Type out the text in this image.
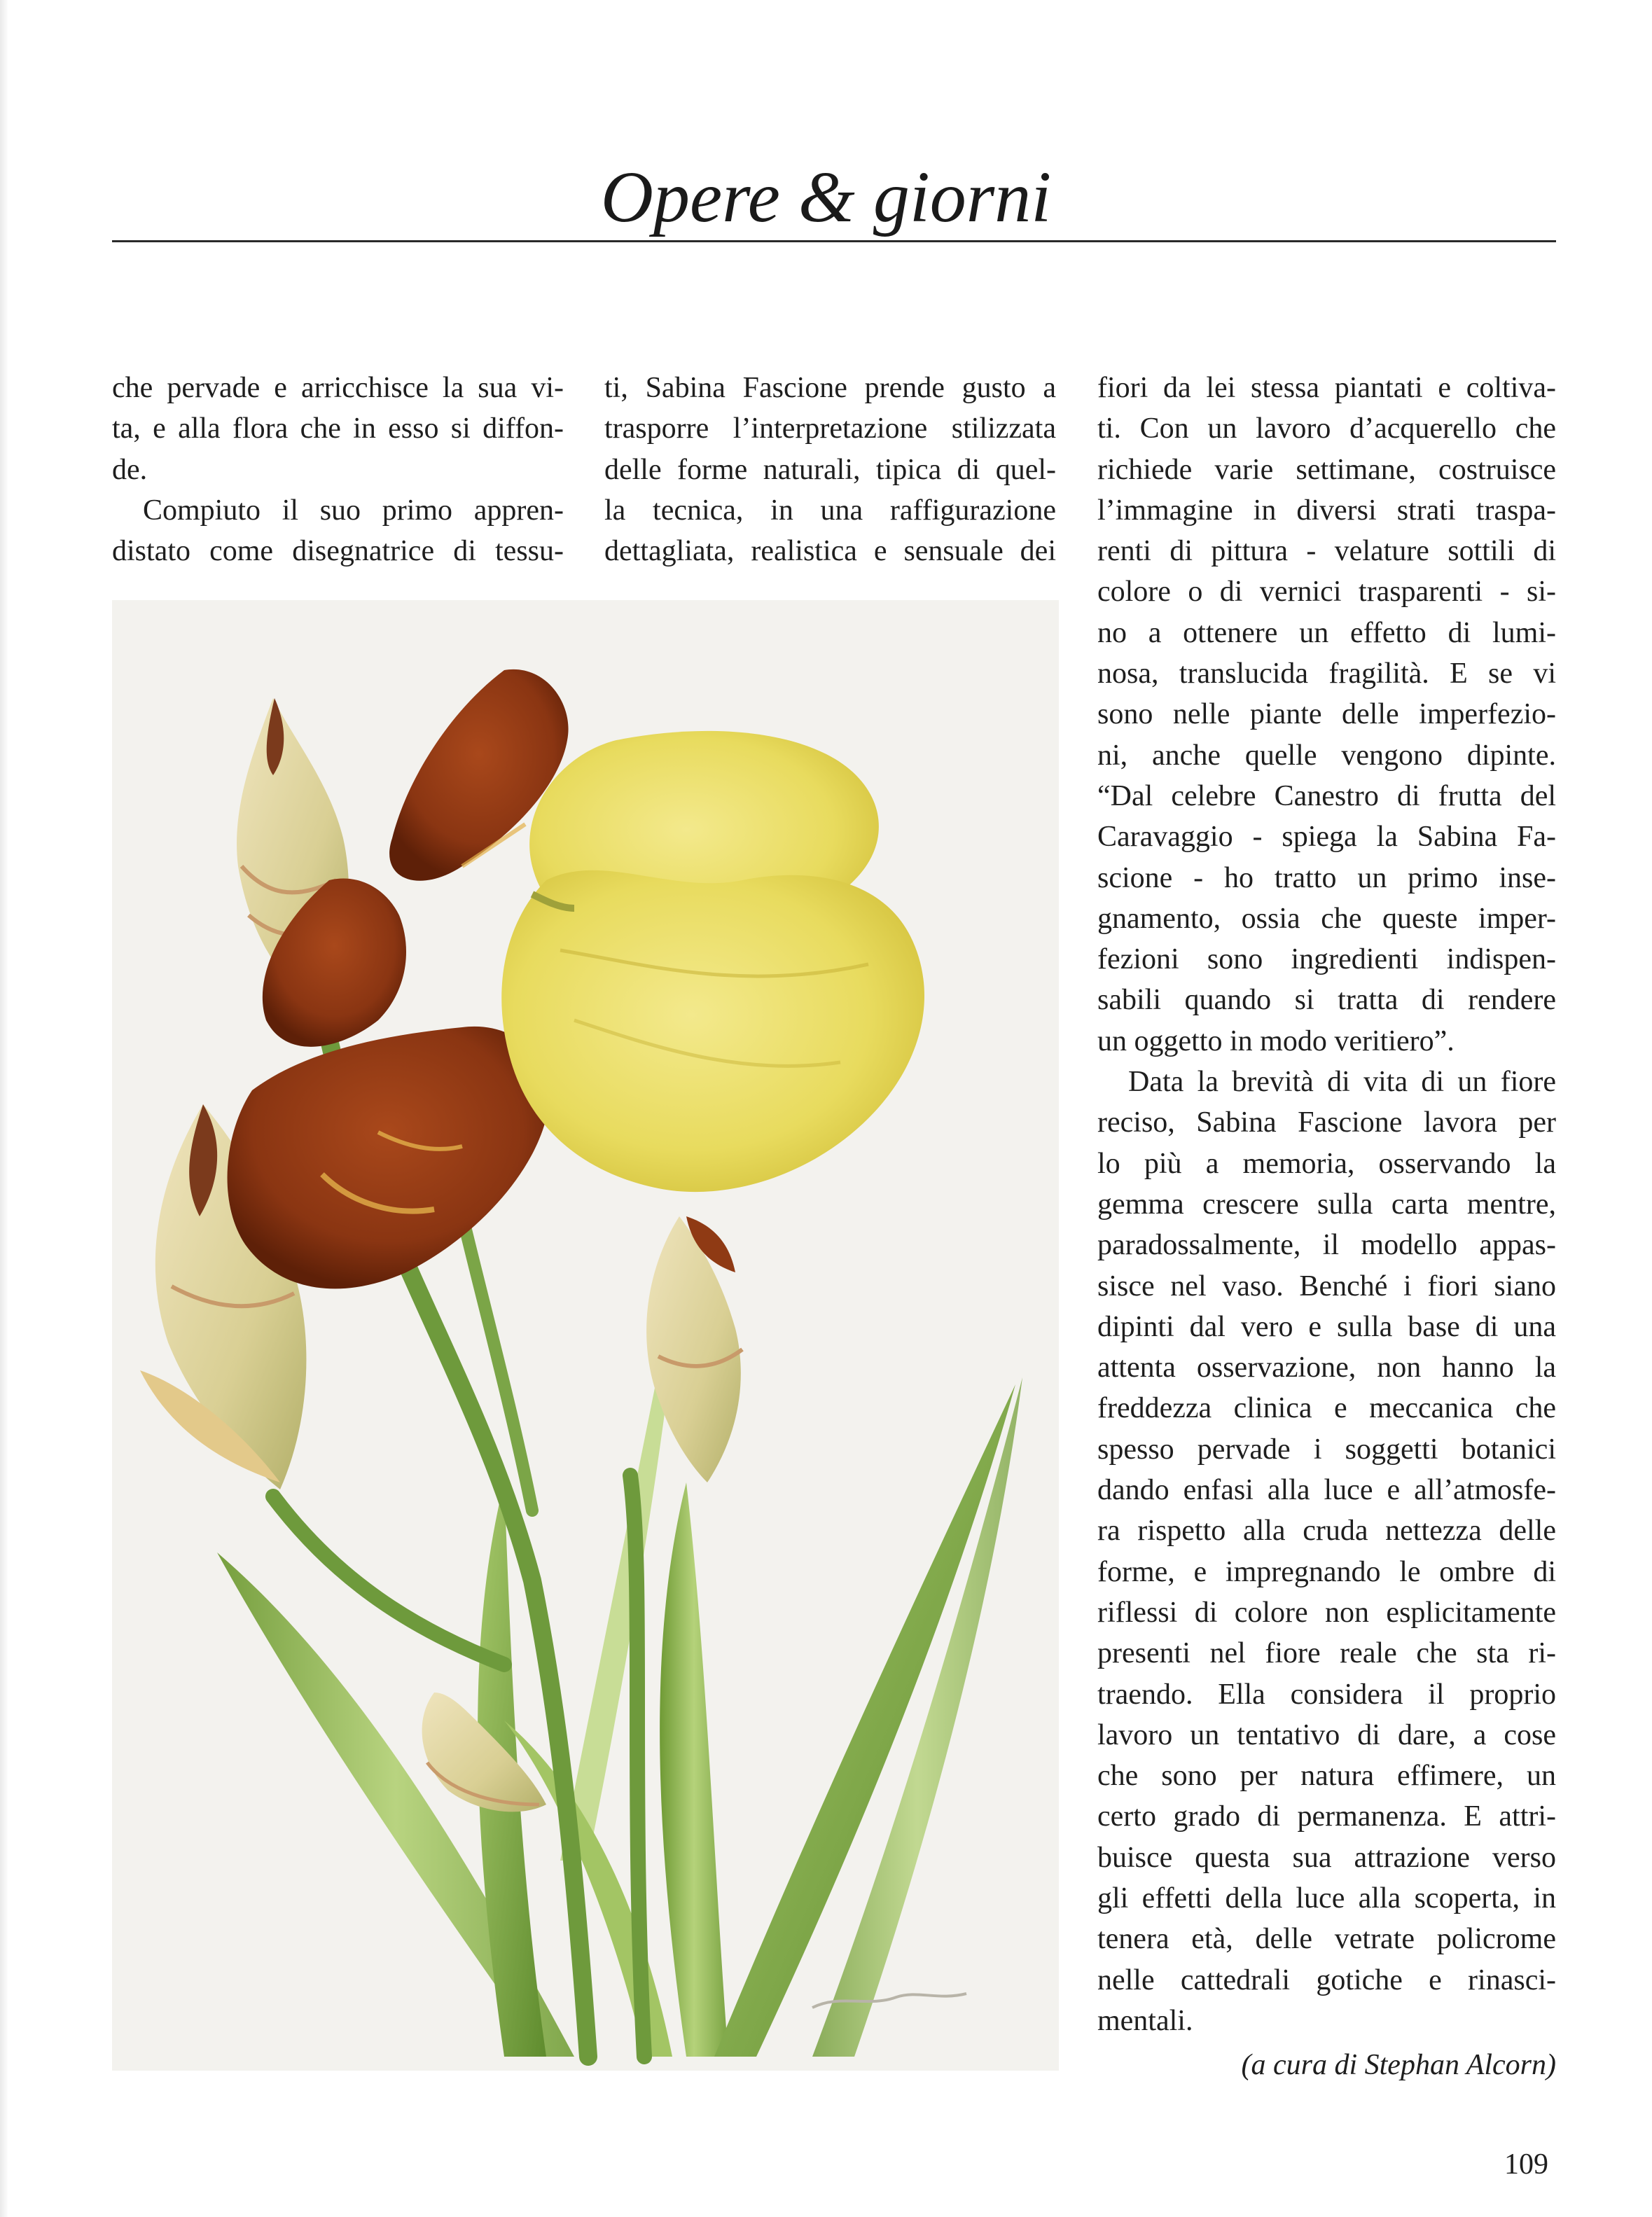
Opere & giorni
che pervade e arricchisce la sua vi-
ta, e alla flora che in esso si diffon-
de.
Compiuto il suo primo appren-
distato come disegnatrice di tessu-
ti, Sabina Fascione prende gusto a
trasporre l’interpretazione stilizzata
delle forme naturali, tipica di quel-
la tecnica, in una raffigurazione
dettagliata, realistica e sensuale dei
fiori da lei stessa piantati e coltiva-
ti. Con un lavoro d’acquerello che
richiede varie settimane, costruisce
l’immagine in diversi strati traspa-
renti di pittura - velature sottili di
colore o di vernici trasparenti - si-
no a ottenere un effetto di lumi-
nosa, translucida fragilità. E se vi
sono nelle piante delle imperfezio-
ni, anche quelle vengono dipinte.
“Dal celebre Canestro di frutta del
Caravaggio - spiega la Sabina Fa-
scione - ho tratto un primo inse-
gnamento, ossia che queste imper-
fezioni sono ingredienti indispen-
sabili quando si tratta di rendere
un oggetto in modo veritiero”.
Data la brevità di vita di un fiore
reciso, Sabina Fascione lavora per
lo più a memoria, osservando la
gemma crescere sulla carta mentre,
paradossalmente, il modello appas-
sisce nel vaso. Benché i fiori siano
dipinti dal vero e sulla base di una
attenta osservazione, non hanno la
freddezza clinica e meccanica che
spesso pervade i soggetti botanici
dando enfasi alla luce e all’atmosfe-
ra rispetto alla cruda nettezza delle
forme, e impregnando le ombre di
riflessi di colore non esplicitamente
presenti nel fiore reale che sta ri-
traendo. Ella considera il proprio
lavoro un tentativo di dare, a cose
che sono per natura effimere, un
certo grado di permanenza. E attri-
buisce questa sua attrazione verso
gli effetti della luce alla scoperta, in
tenera età, delle vetrate policrome
nelle cattedrali gotiche e rinasci-
mentali.

(a cura di Stephan Alcorn)

109
